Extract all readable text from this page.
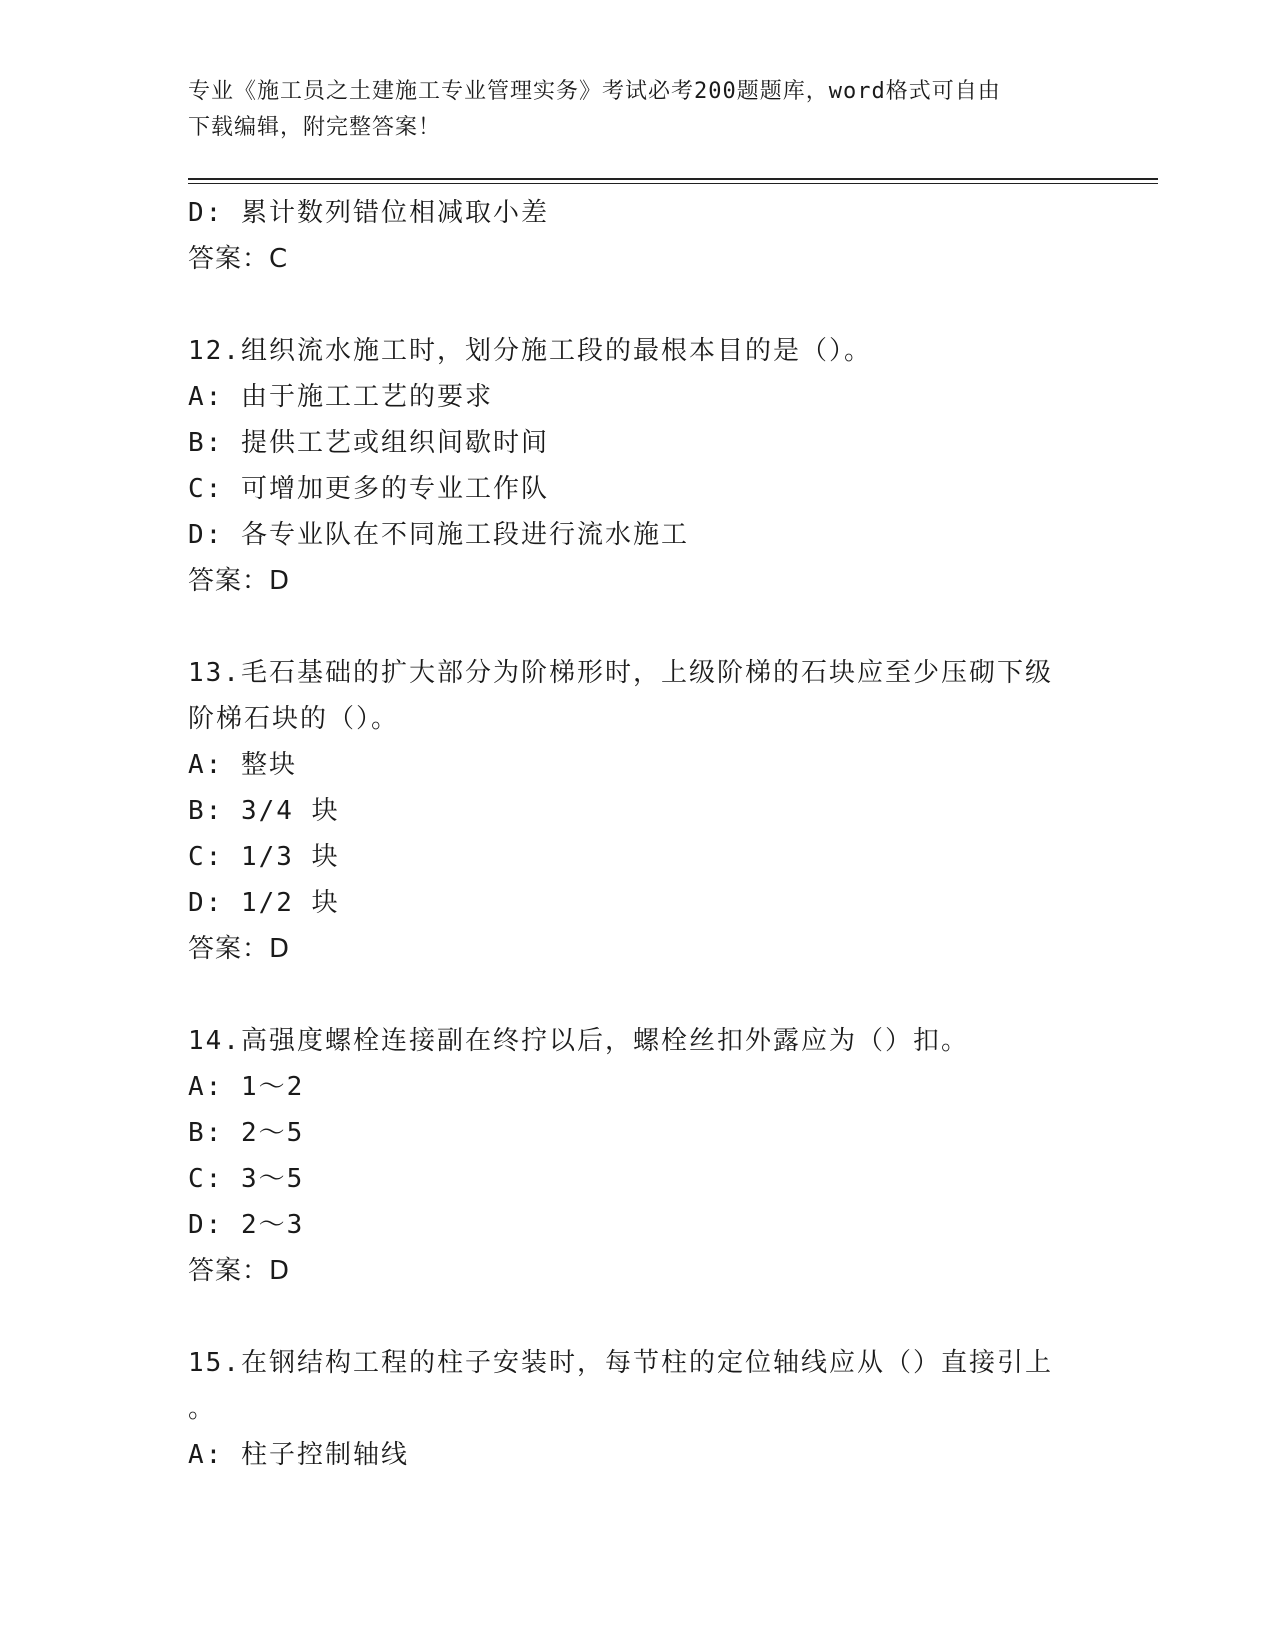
专业《施工员之土建施工专业管理实务》考试必考200题题库，word格式可自由
下载编辑，附完整答案！
D: 累计数列错位相减取小差
答案：C
12.组织流水施工时，划分施工段的最根本目的是（）。
A: 由于施工工艺的要求
B: 提供工艺或组织间歇时间
C: 可增加更多的专业工作队
D: 各专业队在不同施工段进行流水施工
答案：D
13.毛石基础的扩大部分为阶梯形时，上级阶梯的石块应至少压砌下级
阶梯石块的（）。
A: 整块
B: 3/4 块
C: 1/3 块
D: 1/2 块
答案：D
14.高强度螺栓连接副在终拧以后，螺栓丝扣外露应为（）扣。
A: 1～2
B: 2～5
C: 3～5
D: 2～3
答案：D
15.在钢结构工程的柱子安装时，每节柱的定位轴线应从（）直接引上
。
A: 柱子控制轴线
